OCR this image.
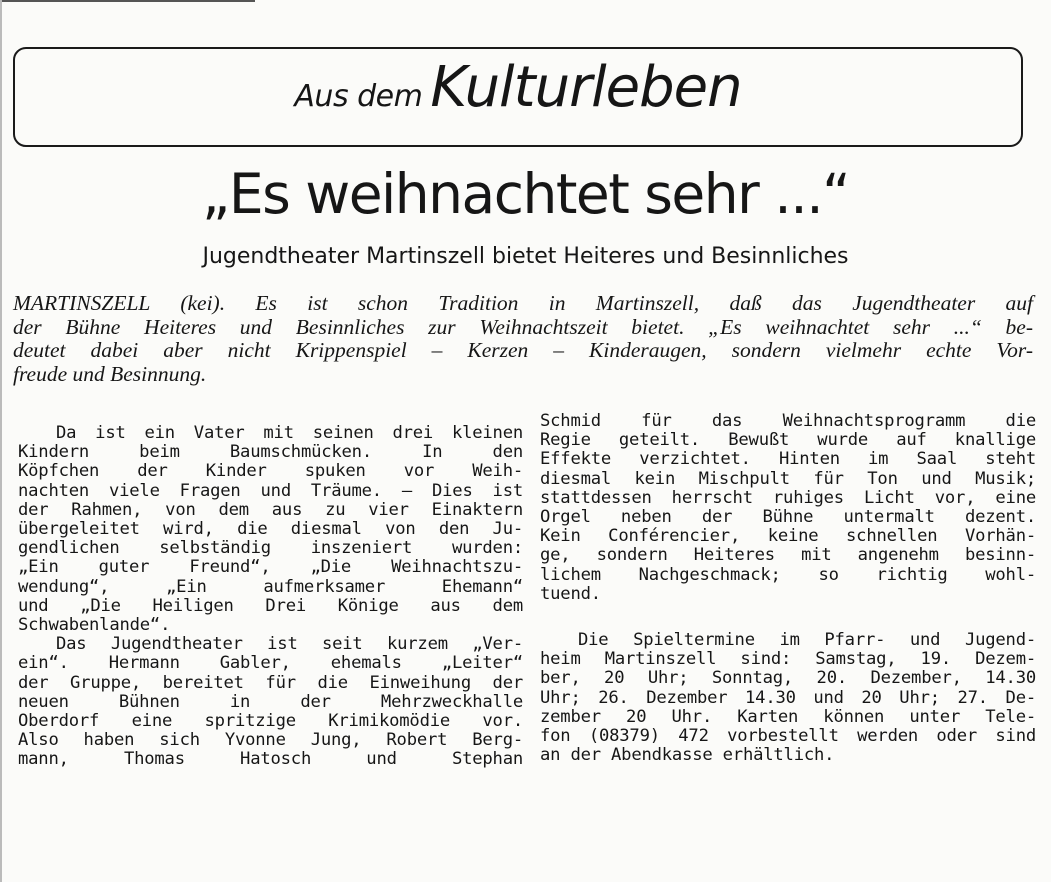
Aus dem Kulturleben
„Es weihnachtet sehr ...“
Jugendtheater Martinszell bietet Heiteres und Besinnliches
MARTINSZELL (kei). Es ist schon Tradition in Martinszell, daß das Jugendtheater auf
der Bühne Heiteres und Besinnliches zur Weihnachtszeit bietet. „Es weihnachtet sehr ...“ be-
deutet dabei aber nicht Krippenspiel – Kerzen – Kinderaugen, sondern vielmehr echte Vor-
freude und Besinnung.
Da ist ein Vater mit seinen drei kleinen
Kindern beim Baumschmücken. In den
Köpfchen der Kinder spuken vor Weih-
nachten viele Fragen und Träume. – Dies ist
der Rahmen, von dem aus zu vier Einaktern
übergeleitet wird, die diesmal von den Ju-
gendlichen selbständig inszeniert wurden:
„Ein guter Freund“, „Die Weihnachtszu-
wendung“, „Ein aufmerksamer Ehemann“
und „Die Heiligen Drei Könige aus dem
Schwabenlande“.
Das Jugendtheater ist seit kurzem „Ver-
ein“. Hermann Gabler, ehemals „Leiter“
der Gruppe, bereitet für die Einweihung der
neuen Bühnen in der Mehrzweckhalle
Oberdorf eine spritzige Krimikomödie vor.
Also haben sich Yvonne Jung, Robert Berg-
mann, Thomas Hatosch und Stephan
Schmid für das Weihnachtsprogramm die
Regie geteilt. Bewußt wurde auf knallige
Effekte verzichtet. Hinten im Saal steht
diesmal kein Mischpult für Ton und Musik;
stattdessen herrscht ruhiges Licht vor, eine
Orgel neben der Bühne untermalt dezent.
Kein Conférencier, keine schnellen Vorhän-
ge, sondern Heiteres mit angenehm besinn-
lichem Nachgeschmack; so richtig wohl-
tuend.
Die Spieltermine im Pfarr- und Jugend-
heim Martinszell sind: Samstag, 19. Dezem-
ber, 20 Uhr; Sonntag, 20. Dezember, 14.30
Uhr; 26. Dezember 14.30 und 20 Uhr; 27. De-
zember 20 Uhr. Karten können unter Tele-
fon (08379) 472 vorbestellt werden oder sind
an der Abendkasse erhältlich.
